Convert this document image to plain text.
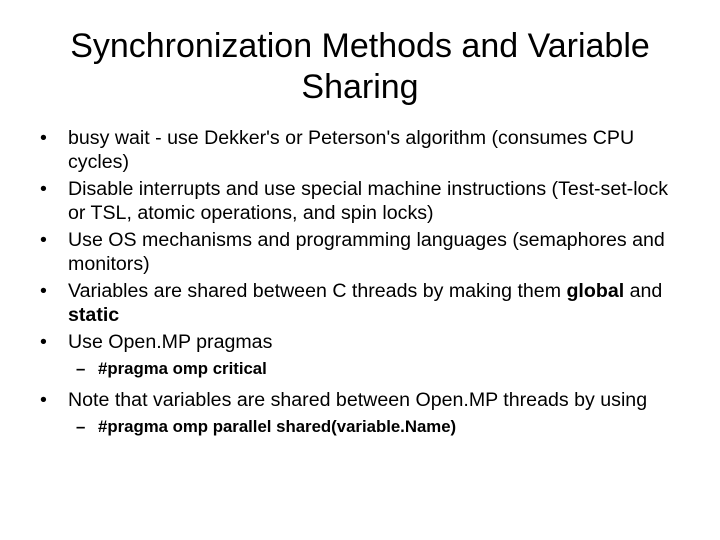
Synchronization Methods and Variable
Sharing
• busy wait - use Dekker's or Peterson's algorithm (consumes CPU cycles)
• Disable interrupts and use special machine instructions (Test-set-lock or TSL, atomic operations, and spin locks)
• Use OS mechanisms and programming languages (semaphores and monitors)
• Variables are shared between C threads by making them global and static
• Use Open.MP pragmas
– #pragma omp critical
• Note that variables are shared between Open.MP threads by using
– #pragma omp parallel shared(variable.Name)
